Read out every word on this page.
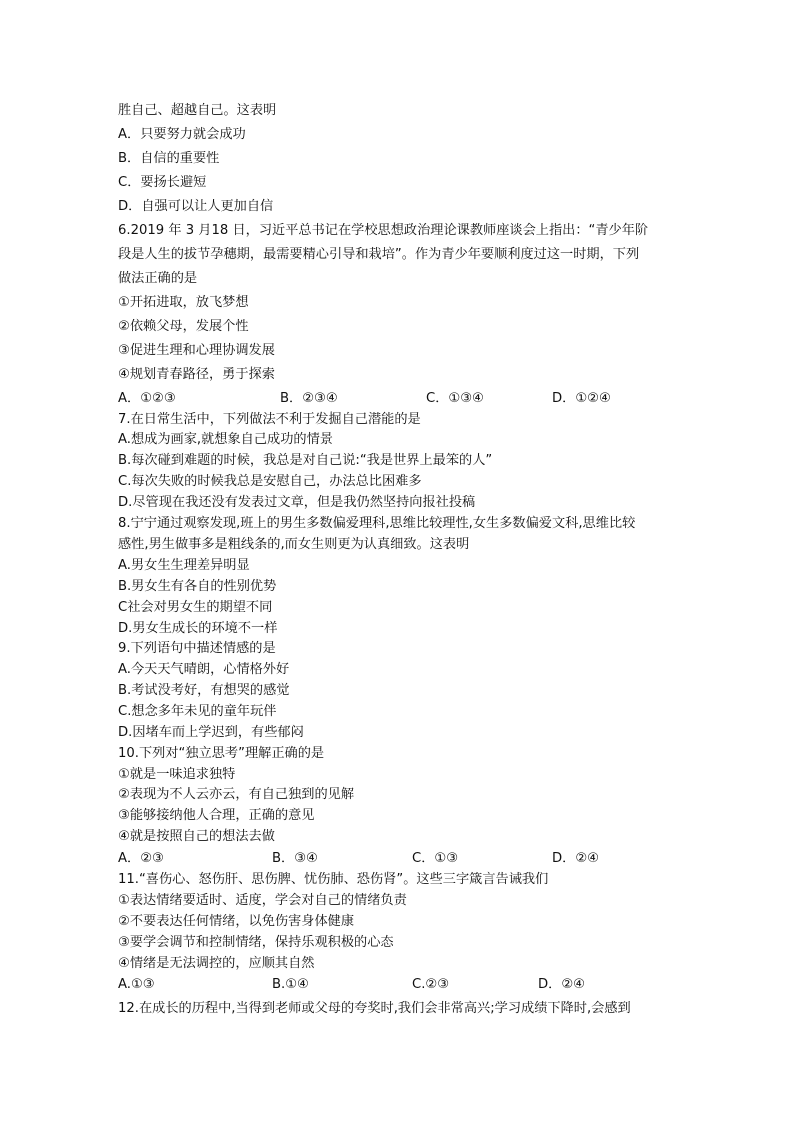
胜自己、超越自己。这表明
A．只要努力就会成功
B．自信的重要性
C．要扬长避短
D．自强可以让人更加自信
6.2019 年 3 月18 日，习近平总书记在学校思想政治理论课教师座谈会上指出：“青少年阶
段是人生的拔节孕穗期，最需要精心引导和栽培”。作为青少年要顺利度过这一时期，下列
做法正确的是
①开拓进取，放飞梦想
②依赖父母，发展个性
③促进生理和心理协调发展
④规划青春路径，勇于探索
A．①②③	B．②③④	C．①③④	D．①②④
7.在日常生活中，下列做法不利于发掘自己潜能的是
A.想成为画家,就想象自己成功的情景
B.每次碰到难题的时候，我总是对自己说:“我是世界上最笨的人”
C.每次失败的时候我总是安慰自己，办法总比困难多
D.尽管现在我还没有发表过文章，但是我仍然坚持向报社投稿
8.宁宁通过观察发现,班上的男生多数偏爱理科,思维比较理性,女生多数偏爱文科,思维比较
感性,男生做事多是粗线条的,而女生则更为认真细致。这表明
A.男女生生理差异明显
B.男女生有各自的性别优势
C社会对男女生的期望不同
D.男女生成长的环境不一样
9.下列语句中描述情感的是
A.今天天气晴朗，心情格外好
B.考试没考好，有想哭的感觉
C.想念多年未见的童年玩伴
D.因堵车而上学迟到，有些郁闷
10.下列对“独立思考”理解正确的是
①就是一味追求独特
②表现为不人云亦云，有自己独到的见解
③能够接纳他人合理，正确的意见
④就是按照自己的想法去做
A．②③	B．③④	C．①③	D．②④
11.“喜伤心、怒伤肝、思伤脾、忧伤肺、恐伤肾”。这些三字箴言告诫我们
①表达情绪要适时、适度，学会对自己的情绪负责
②不要表达任何情绪，以免伤害身体健康
③要学会调节和控制情绪，保持乐观积极的心态
④情绪是无法调控的，应顺其自然
A.①③	B.①④	C.②③	D．②④
12.在成长的历程中,当得到老师或父母的夸奖时,我们会非常高兴;学习成绩下降时,会感到
